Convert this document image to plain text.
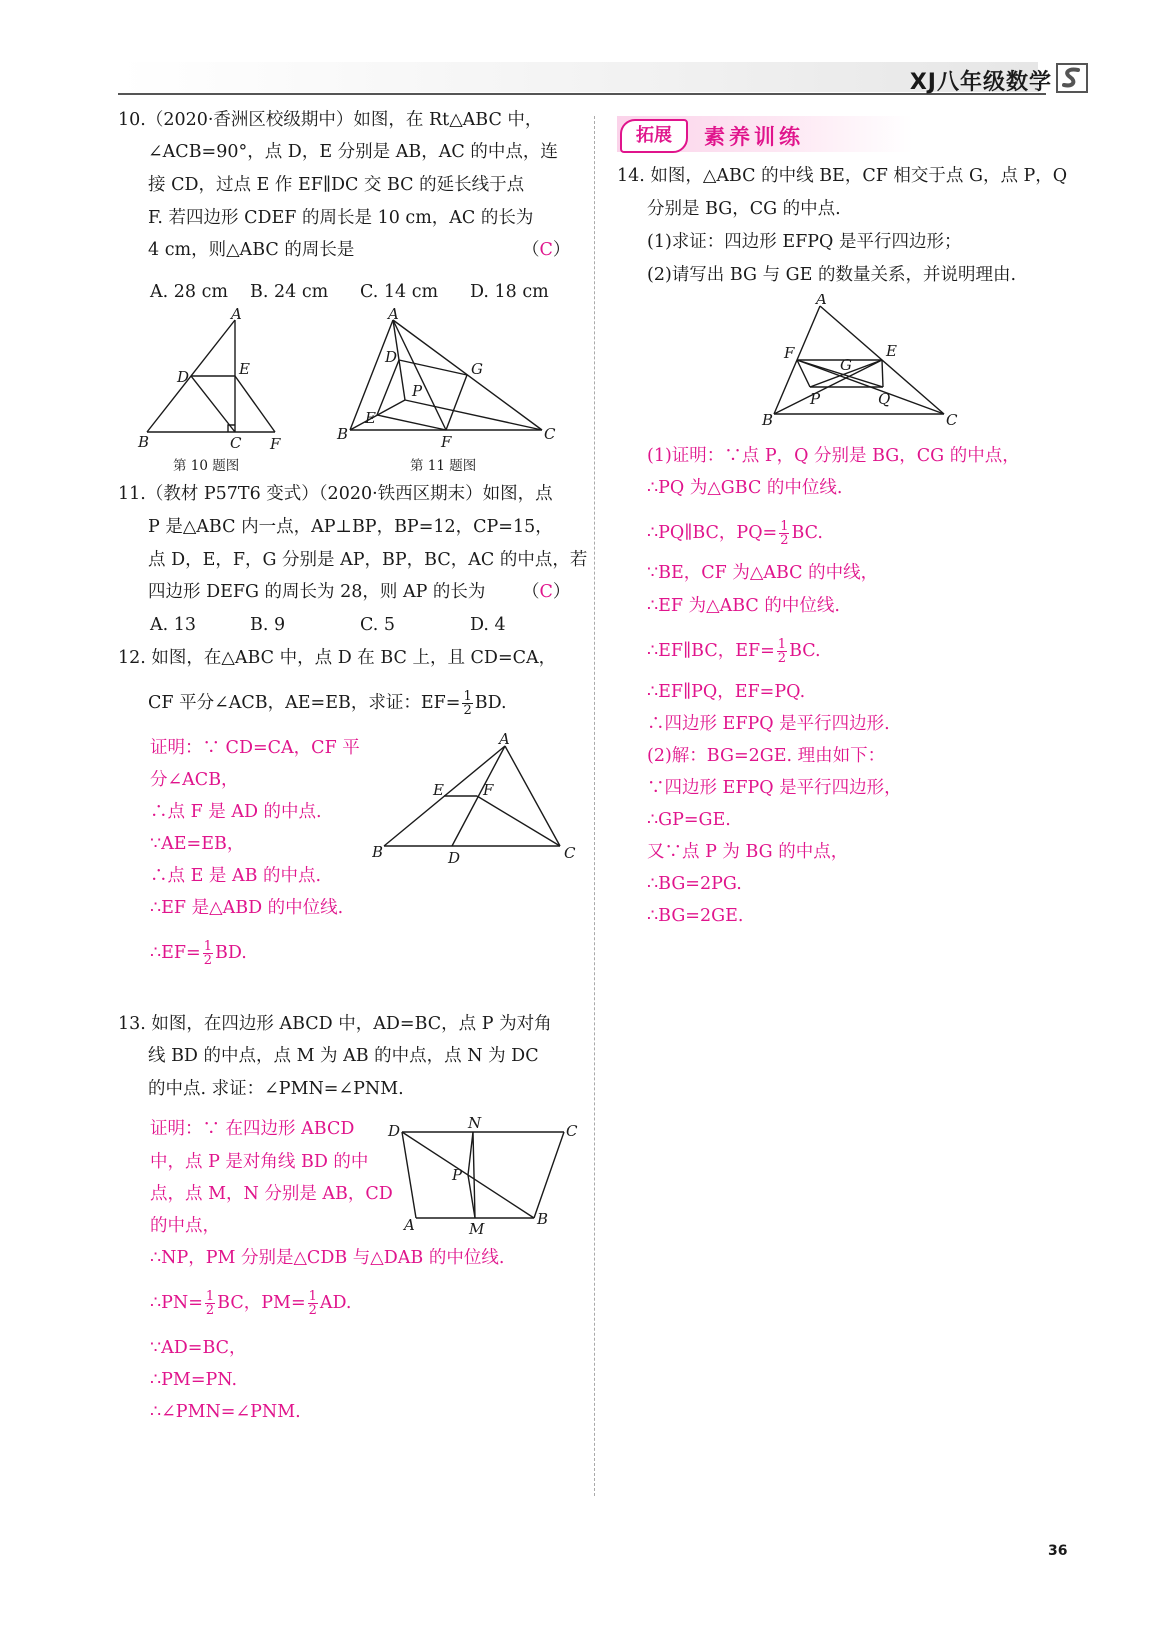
XJ八年级数学
10.（2020·香洲区校级期中）如图，在 Rt△ABC 中，
∠ACB=90°，点 D，E 分别是 AB，AC 的中点，连
接 CD，过点 E 作 EF∥DC 交 BC 的延长线于点
F. 若四边形 CDEF 的周长是 10 cm，AC 的长为
4 cm，则△ABC 的周长是	（C）
A. 28 cm B. 24 cm C. 14 cm D. 18 cm
A
B	C
D	E
F
第 10 题图
A
B	C
D
E
F
G
P
第 11 题图
11.（教材 P57T6 变式）（2020·铁西区期末）如图，点
P 是△ABC 内一点，AP⊥BP，BP=12，CP=15，
点 D，E，F，G 分别是 AP，BP，BC，AC 的中点，若
四边形 DEFG 的周长为 28，则 AP 的长为 （C）
A. 13	B. 9	C. 5	D. 4
12. 如图，在△ABC 中，点 D 在 BC 上，且 CD=CA，
CF 平分∠ACB，AE=EB，求证：$EF= \frac{1}{2}$ BD.
证明：∵ CD=CA，CF 平
分∠ACB，
∴点 F 是 AD 的中点.
∵AE=EB，
∴点 E 是 AB 的中点.
∴EF 是△ABD 的中位线.
∴EF= $\frac{1}{2}$ BD.
A
B	C
D
E	F
13. 如图，在四边形 ABCD 中，AD=BC，点 P 为对角
线 BD 的中点，点 M 为 AB 的中点，点 N 为 DC
的中点. 求证：∠PMN=∠PNM.
证明：∵ 在四边形 ABCD
中，点 P 是对角线 BD 的中
点，点 M，N 分别是 AB，CD
的中点，
∴NP，PM 分别是△CDB 与△DAB 的中位线.
∴PN= $\frac{1}{2}$ BC，$PM= \frac{1}{2}$ AD.
∵AD=BC，
∴PM=PN.
∴∠PMN=∠PNM.
D	C
A	B
M
N
P
拓展	素养训练
14. 如图，△ABC 的中线 BE，CF 相交于点 G，点 P，Q
分别是 BG，CG 的中点.
(1)求证：四边形 EFPQ 是平行四边形；
(2)请写出 BG 与 GE 的数量关系，并说明理由.
A
B	C
E
F
G
P	Q
(1)证明：∵点 P，Q 分别是 BG，CG 的中点，
∴PQ 为△GBC 的中位线.
∴PQ∥BC，$PQ= \frac{1}{2}$ BC.
∵BE，CF 为△ABC 的中线，
∴EF 为△ABC 的中位线.
∴EF∥BC，$EF= \frac{1}{2}$ BC.
∴EF∥PQ，EF=PQ.
∴四边形 EFPQ 是平行四边形.
(2)解：BG=2GE. 理由如下：
∵四边形 EFPQ 是平行四边形，
∴GP=GE.
又∵点 P 为 BG 的中点，
∴BG=2PG.
∴BG=2GE.
36
